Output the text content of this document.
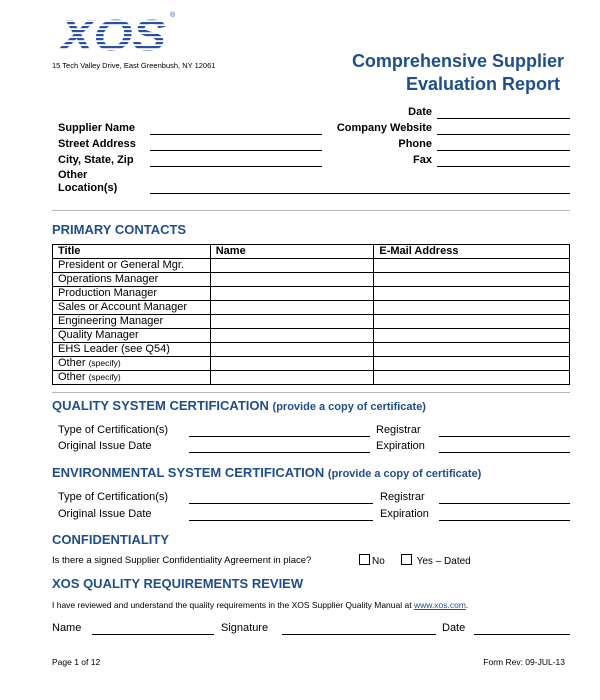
XOS ®
15 Tech Valley Drive, East Greenbush, NY 12061	Comprehensive Supplier
Evaluation Report
Date
Supplier Name	Company Website
Street Address	Phone
City, State, Zip	Fax
Other
Location(s)
PRIMARY CONTACTS
Title	Name	E-Mail Address
President or General Mgr.		
Operations Manager		
Production Manager		
Sales or Account Manager		
Engineering Manager		
Quality Manager		
EHS Leader (see Q54)		
Other (specify)		
Other (specify)		
QUALITY SYSTEM CERTIFICATION (provide a copy of certificate)
Type of Certification(s)	Registrar
Original Issue Date	Expiration
ENVIRONMENTAL SYSTEM CERTIFICATION (provide a copy of certificate)
Type of Certification(s)	Registrar
Original Issue Date	Expiration
CONFIDENTIALITY
Is there a signed Supplier Confidentiality Agreement in place?	No	Yes – Dated
XOS QUALITY REQUIREMENTS REVIEW
I have reviewed and understand the quality requirements in the XOS Supplier Quality Manual at www.xos.com.
Name	Signature	Date
Page 1 of 12	Form Rev: 09-JUL-13
